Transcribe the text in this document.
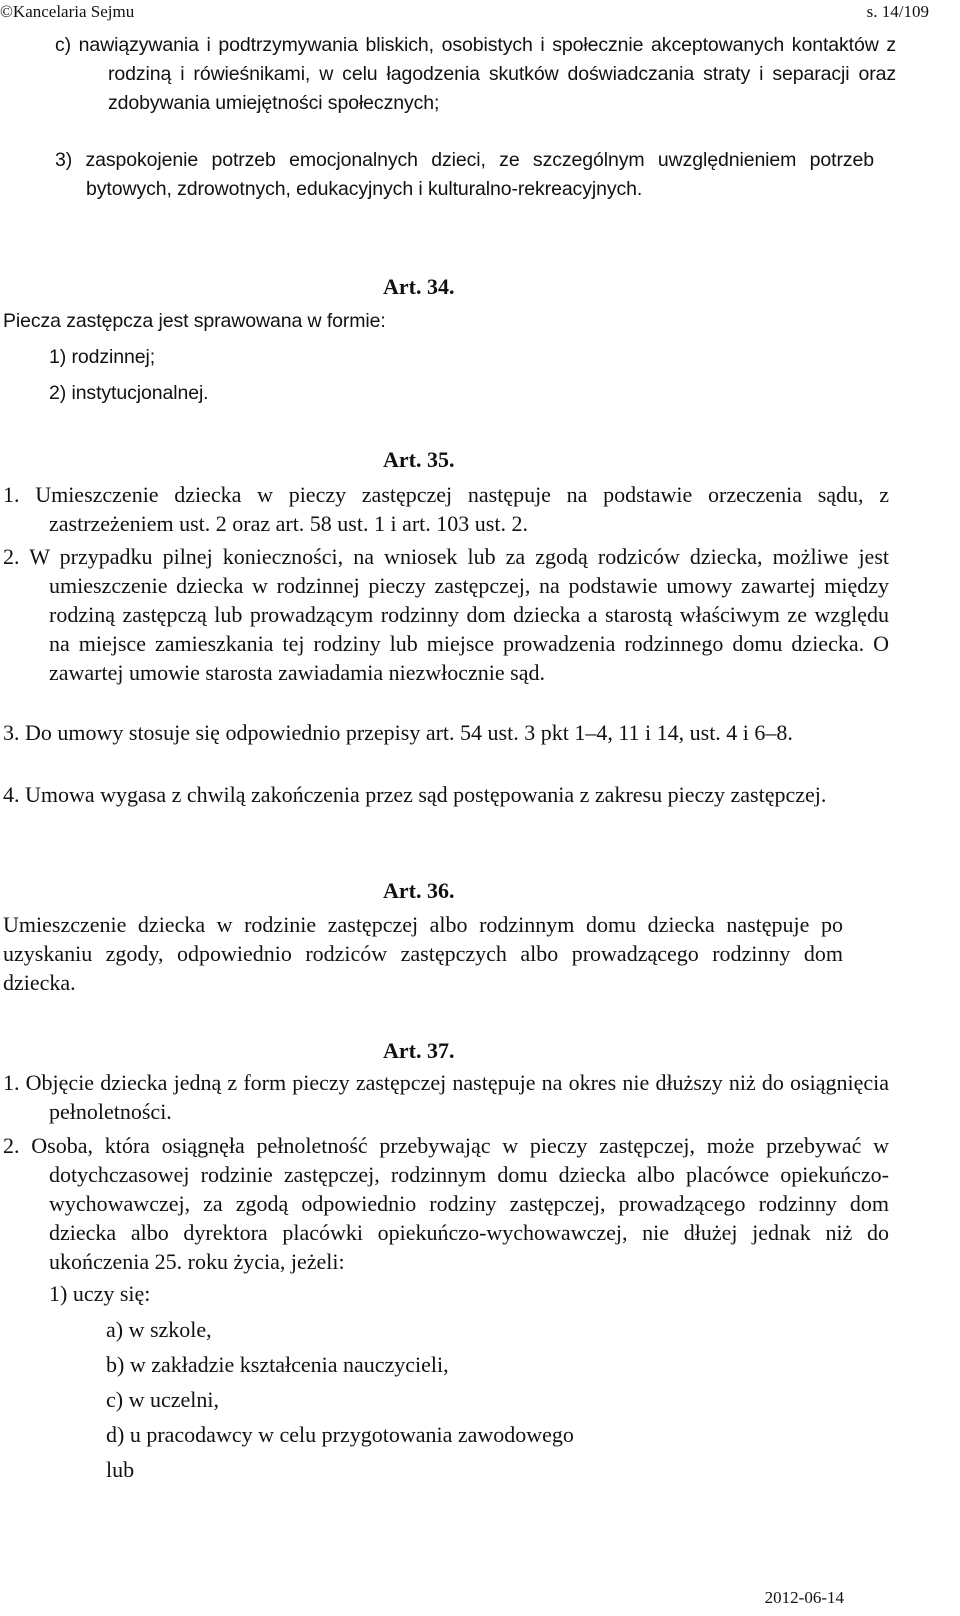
©Kancelaria Sejmu	s. 14/109
c) nawiązywania i podtrzymywania bliskich, osobistych i społecznie akceptowanych kontaktów z rodziną i rówieśnikami, w celu łagodzenia skutków doświadczania straty i separacji oraz zdobywania umiejętności społecznych;
3) zaspokojenie potrzeb emocjonalnych dzieci, ze szczególnym uwzględnieniem potrzeb bytowych, zdrowotnych, edukacyjnych i kulturalno-rekreacyjnych.
Art. 34.
Piecza zastępcza jest sprawowana w formie:
1) rodzinnej;
2) instytucjonalnej.
Art. 35.
1. Umieszczenie dziecka w pieczy zastępczej następuje na podstawie orzeczenia sądu, z zastrzeżeniem ust. 2 oraz art. 58 ust. 1 i art. 103 ust. 2.
2. W przypadku pilnej konieczności, na wniosek lub za zgodą rodziców dziecka, możliwe jest umieszczenie dziecka w rodzinnej pieczy zastępczej, na podstawie umowy zawartej między rodziną zastępczą lub prowadzącym rodzinny dom dziecka a starostą właściwym ze względu na miejsce zamieszkania tej rodziny lub miejsce prowadzenia rodzinnego domu dziecka. O zawartej umowie starosta zawiadamia niezwłocznie sąd.
3. Do umowy stosuje się odpowiednio przepisy art. 54 ust. 3 pkt 1–4, 11 i 14, ust. 4 i 6–8.
4. Umowa wygasa z chwilą zakończenia przez sąd postępowania z zakresu pieczy zastępczej.
Art. 36.
Umieszczenie dziecka w rodzinie zastępczej albo rodzinnym domu dziecka następuje po uzyskaniu zgody, odpowiednio rodziców zastępczych albo prowadzącego rodzinny dom dziecka.
Art. 37.
1. Objęcie dziecka jedną z form pieczy zastępczej następuje na okres nie dłuższy niż do osiągnięcia pełnoletności.
2. Osoba, która osiągnęła pełnoletność przebywając w pieczy zastępczej, może przebywać w dotychczasowej rodzinie zastępczej, rodzinnym domu dziecka albo placówce opiekuńczo-wychowawczej, za zgodą odpowiednio rodziny zastępczej, prowadzącego rodzinny dom dziecka albo dyrektora placówki opiekuńczo-wychowawczej, nie dłużej jednak niż do ukończenia 25. roku życia, jeżeli:
1) uczy się:
a) w szkole,
b) w zakładzie kształcenia nauczycieli,
c) w uczelni,
d) u pracodawcy w celu przygotowania zawodowego
lub
2012-06-14
